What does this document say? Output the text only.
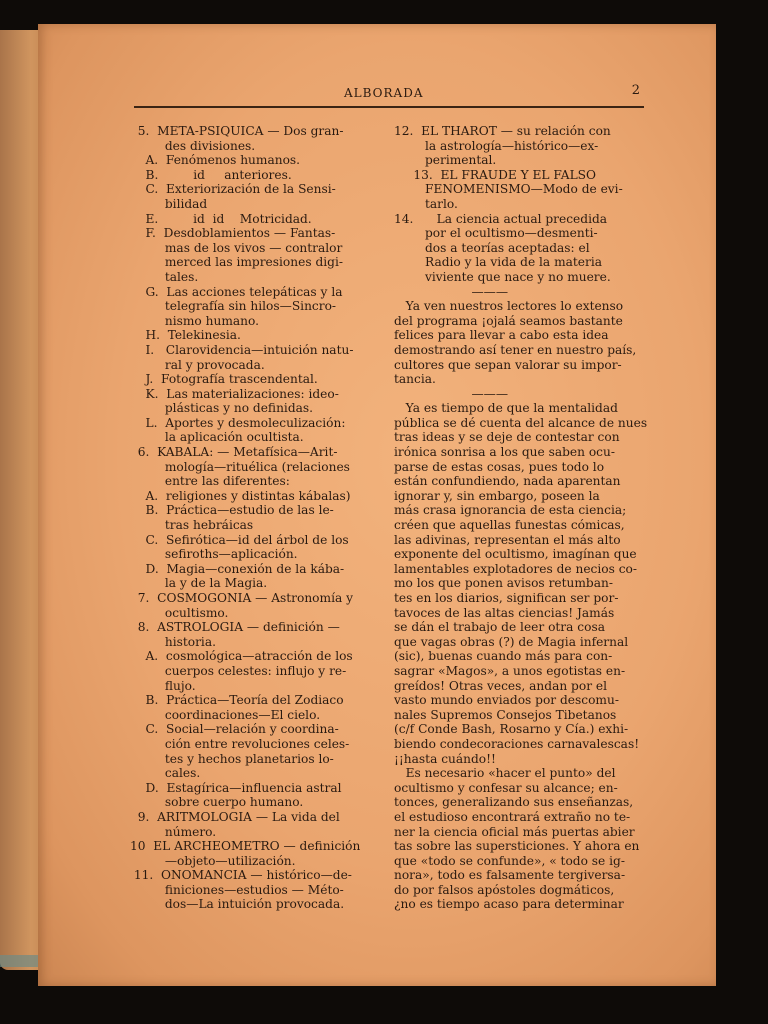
ALBORADA	2
5.  META-PSIQUICA — Dos gran-
des divisiones.
A.  Fenómenos humanos.
B.         id     anteriores.
C.  Exteriorización de la Sensi-
bilidad
E.         id  id    Motricidad.
F.  Desdoblamientos — Fantas-
mas de los vivos — contralor
merced las impresiones digi-
tales.
G.  Las acciones telepáticas y la
telegrafía sin hilos—Sincro-
nismo humano.
H.  Telekinesia.
I.   Clarovidencia—intuición natu-
ral y provocada.
J.  Fotografía trascendental.
K.  Las materializaciones: ideo-
plásticas y no definidas.
L.  Aportes y desmoleculización:
la aplicación ocultista.
6.  KABALA: — Metafísica—Arit-
mología—rituélica (relaciones
entre las diferentes:
A.  religiones y distintas kábalas)
B.  Práctica—estudio de las le-
tras hebráicas
C.  Sefirótica—id del árbol de los
sefiroths—aplicación.
D.  Magia—conexión de la kába-
la y de la Magia.
7.  COSMOGONIA — Astronomía y
ocultismo.
8.  ASTROLOGIA — definición —
historia.
A.  cosmológica—atracción de los
cuerpos celestes: influjo y re-
flujo.
B.  Práctica—Teoría del Zodiaco
coordinaciones—El cielo.
C.  Social—relación y coordina-
ción entre revoluciones celes-
tes y hechos planetarios lo-
cales.
D.  Estagírica—influencia astral
sobre cuerpo humano.
9.  ARITMOLOGIA — La vida del
número.
10  EL ARCHEOMETRO — definición
—objeto—utilización.
11.  ONOMANCIA — histórico—de-
finiciones—estudios — Méto-
dos—La intuición provocada.
12.  EL THAROT — su relación con
la astrología—histórico—ex-
perimental.
13.  EL FRAUDE Y EL FALSO
FENOMENISMO—Modo de evi-
tarlo.
14.      La ciencia actual precedida
por el ocultismo—desmenti-
dos a teorías aceptadas: el
Radio y la vida de la materia
viviente que nace y no muere.
———
Ya ven nuestros lectores lo extenso
del programa ¡ojalá seamos bastante
felices para llevar a cabo esta idea
demostrando así tener en nuestro país,
cultores que sepan valorar su impor-
tancia.
———
Ya es tiempo de que la mentalidad
pública se dé cuenta del alcance de nues
tras ideas y se deje de contestar con
irónica sonrisa a los que saben ocu-
parse de estas cosas, pues todo lo
están confundiendo, nada aparentan
ignorar y, sin embargo, poseen la
más crasa ignorancia de esta ciencia;
créen que aquellas funestas cómicas,
las adivinas, representan el más alto
exponente del ocultismo, imagínan que
lamentables explotadores de necios co-
mo los que ponen avisos retumban-
tes en los diarios, significan ser por-
tavoces de las altas ciencias! Jamás
se dán el trabajo de leer otra cosa
que vagas obras (?) de Magia infernal
(sic), buenas cuando más para con-
sagrar «Magos», a unos egotistas en-
greídos! Otras veces, andan por el
vasto mundo enviados por descomu-
nales Supremos Consejos Tibetanos
(c/f Conde Bash, Rosarno y Cía.) exhi-
biendo condecoraciones carnavalescas!
¡¡hasta cuándo!!
Es necesario «hacer el punto» del
ocultismo y confesar su alcance; en-
tonces, generalizando sus enseñanzas,
el estudioso encontrará extraño no te-
ner la ciencia oficial más puertas abier
tas sobre las supersticiones. Y ahora en
que «todo se confunde», « todo se ig-
nora», todo es falsamente tergiversa-
do por falsos apóstoles dogmáticos,
¿no es tiempo acaso para determinar
